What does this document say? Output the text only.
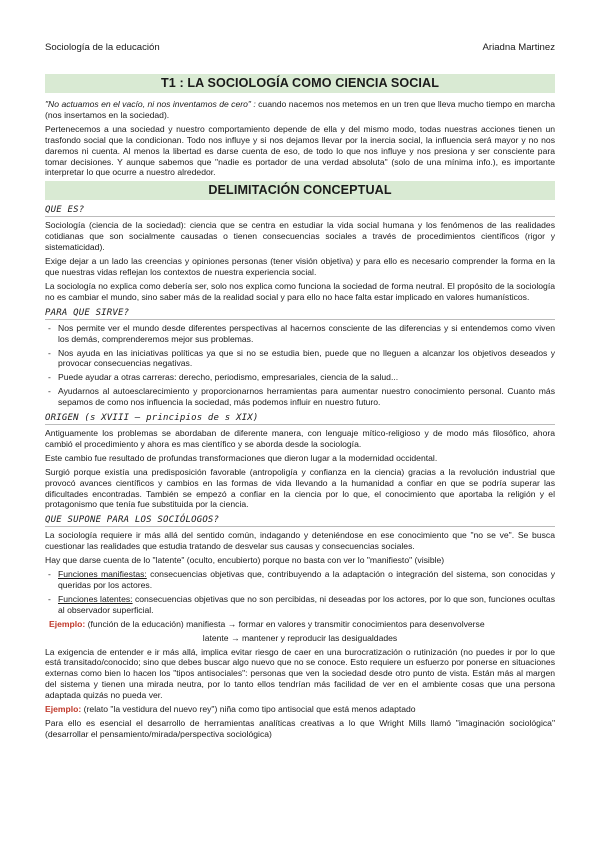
Sociología de la educación	Ariadna Martinez
T1 : LA SOCIOLOGÍA COMO CIENCIA SOCIAL

"No actuamos en el vacío, ni nos inventamos de cero" : cuando nacemos nos metemos en un tren que lleva mucho tiempo en marcha (nos insertamos en la sociedad).

Pertenecemos a una sociedad y nuestro comportamiento depende de ella y del mismo modo, todas nuestras acciones tienen un trasfondo social que la condicionan. Todo nos influye y si nos dejamos llevar por la inercia social, la influencia será mayor y no nos daremos ni cuenta. Al menos la libertad es darse cuenta de eso, de todo lo que nos influye y nos presiona y ser consciente para tomar decisiones. Y aunque sabemos que "nadie es portador de una verdad absoluta" (solo de una mínima info.), es importante interpretar lo que ocurre a nuestro alrededor.

DELIMITACIÓN CONCEPTUAL
QUE ES?

Sociología (ciencia de la sociedad): ciencia que se centra en estudiar la vida social humana y los fenómenos de las realidades cotidianas que son socialmente causadas o tienen consecuencias sociales a través de procedimientos científicos (rigor y sistematicidad).

Exige dejar a un lado las creencias y opiniones personas (tener visión objetiva) y para ello es necesario comprender la forma en la que nuestras vidas reflejan los contextos de nuestra experiencia social.

La sociología no explica como debería ser, solo nos explica como funciona la sociedad de forma neutral. El propósito de la sociología no es cambiar el mundo, sino saber más de la realidad social y para ello no hace falta estar implicado en valores humanísticos.

PARA QUE SIRVE?
- Nos permite ver el mundo desde diferentes perspectivas al hacernos consciente de las diferencias y si entendemos como viven los demás, comprenderemos mejor sus problemas.
- Nos ayuda en las iniciativas políticas ya que si no se estudia bien, puede que no lleguen a alcanzar los objetivos deseados y provocar consecuencias negativas.
- Puede ayudar a otras carreras: derecho, periodismo, empresariales, ciencia de la salud...
- Ayudarnos al autoesclarecimiento y proporcionarnos herramientas para aumentar nuestro conocimiento personal. Cuanto más sepamos de como nos influencia la sociedad, más podemos influir en nuestro futuro.
ORIGEN (s XVIII – principios de s XIX)

Antiguamente los problemas se abordaban de diferente manera, con lenguaje mítico-religioso y de modo más filosófico, ahora cambió el procedimiento y ahora es mas científico y se aborda desde la sociología.

Este cambio fue resultado de profundas transformaciones que dieron lugar a la modernidad occidental.

Surgió porque existía una predisposición favorable (antropoligía y confianza en la ciencia) gracias a la revolución industrial que provocó avances científicos y cambios en las formas de vida llevando a la humanidad a confiar en que se podría superar las dificultades encontradas. También se empezó a confiar en la ciencia por lo que, el conocimiento que aportaba la religión y el protagonismo que tenía fue substituida por la ciencia.

QUE SUPONE PARA LOS SOCIÓLOGOS?

La sociología requiere ir más allá del sentido común, indagando y deteniéndose en ese conocimiento que "no se ve". Se busca cuestionar las realidades que estudia tratando de desvelar sus causas y consecuencias sociales.

Hay que darse cuenta de lo "latente" (oculto, encubierto) porque no basta con ver lo "manifiesto" (visible)

- Funciones manifiestas: consecuencias objetivas que, contribuyendo a la adaptación o integración del sistema, son conocidas y queridas por los actores.
- Funciones latentes: consecuencias objetivas que no son percibidas, ni deseadas por los actores, por lo que son, funciones ocultas al observador superficial.

Ejemplo: (función de la educación) manifiesta → formar en valores y transmitir conocimientos para desenvolverse

latente → mantener y reproducir las desigualdades

La exigencia de entender e ir más allá, implica evitar riesgo de caer en una burocratización o rutinización (no puedes ir por lo que está transitado/conocido; sino que debes buscar algo nuevo que no se conoce. Esto requiere un esfuerzo por ponerse en situaciones externas como bien lo hacen los "tipos antisociales": personas que ven la sociedad desde otro punto de vista. Están más al margen del sistema y tienen una mirada neutra, por lo tanto ellos tendrían más facilidad de ver en el ambiente cosas que una persona adaptada quizás no pueda ver.

Ejemplo: (relato "la vestidura del nuevo rey") niña como tipo antisocial que está menos adaptado

Para ello es esencial el desarrollo de herramientas analíticas creativas a lo que Wright Mills llamó "imaginación sociológica" (desarrollar el pensamiento/mirada/perspectiva sociológica)
